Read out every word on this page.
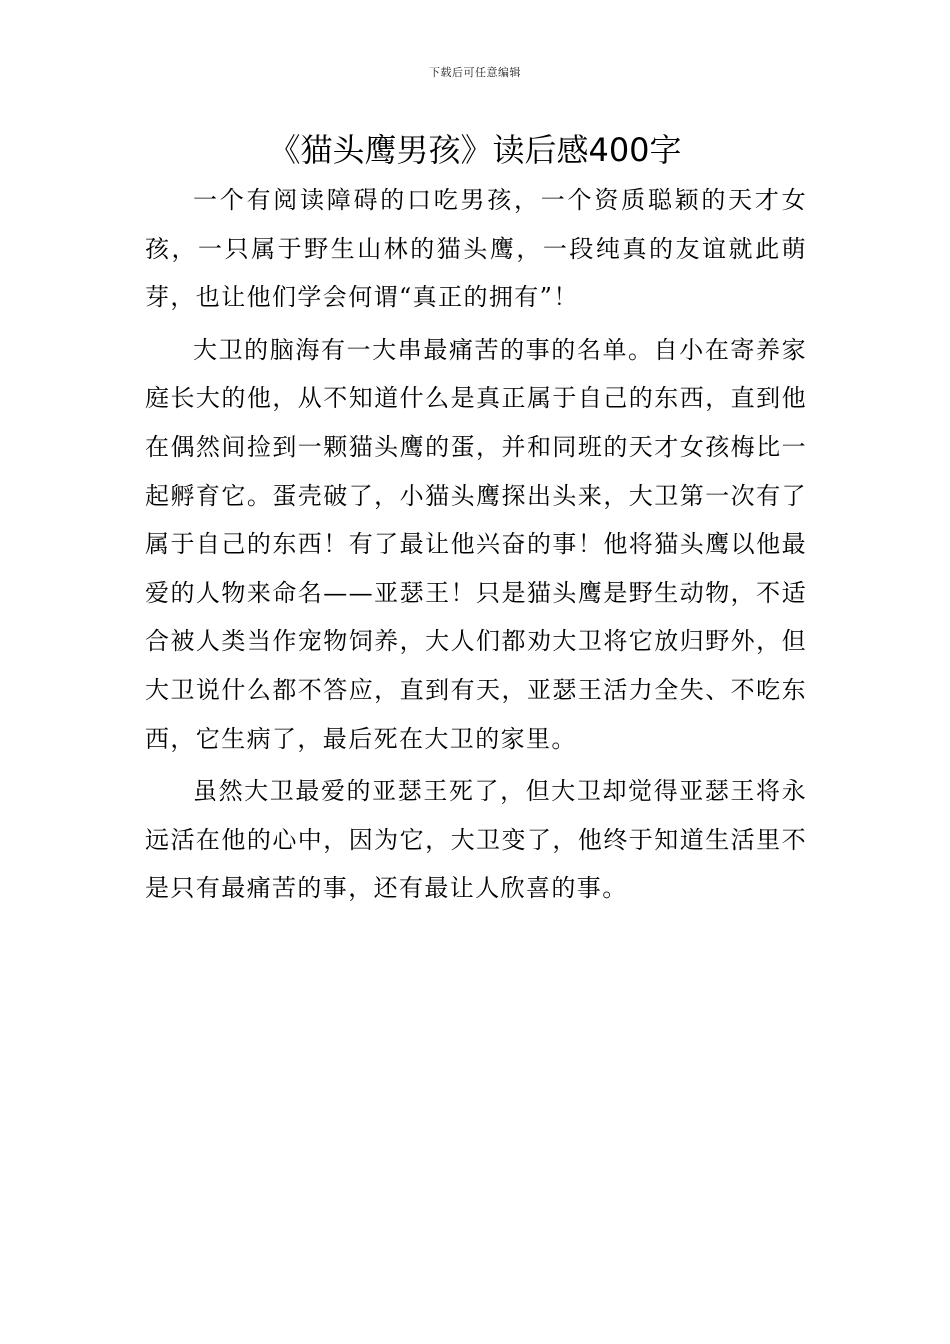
下载后可任意编辑
《猫头鹰男孩》读后感400字

一个有阅读障碍的口吃男孩，一个资质聪颖的天才女孩，一只属于野生山林的猫头鹰，一段纯真的友谊就此萌芽，也让他们学会何谓“真正的拥有”！

大卫的脑海有一大串最痛苦的事的名单。自小在寄养家庭长大的他，从不知道什么是真正属于自己的东西，直到他在偶然间捡到一颗猫头鹰的蛋，并和同班的天才女孩梅比一起孵育它。蛋壳破了，小猫头鹰探出头来，大卫第一次有了属于自己的东西！有了最让他兴奋的事！他将猫头鹰以他最爱的人物来命名——亚瑟王！只是猫头鹰是野生动物，不适合被人类当作宠物饲养，大人们都劝大卫将它放归野外，但大卫说什么都不答应，直到有天，亚瑟王活力全失、不吃东西，它生病了，最后死在大卫的家里。

虽然大卫最爱的亚瑟王死了，但大卫却觉得亚瑟王将永远活在他的心中，因为它，大卫变了，他终于知道生活里不是只有最痛苦的事，还有最让人欣喜的事。
